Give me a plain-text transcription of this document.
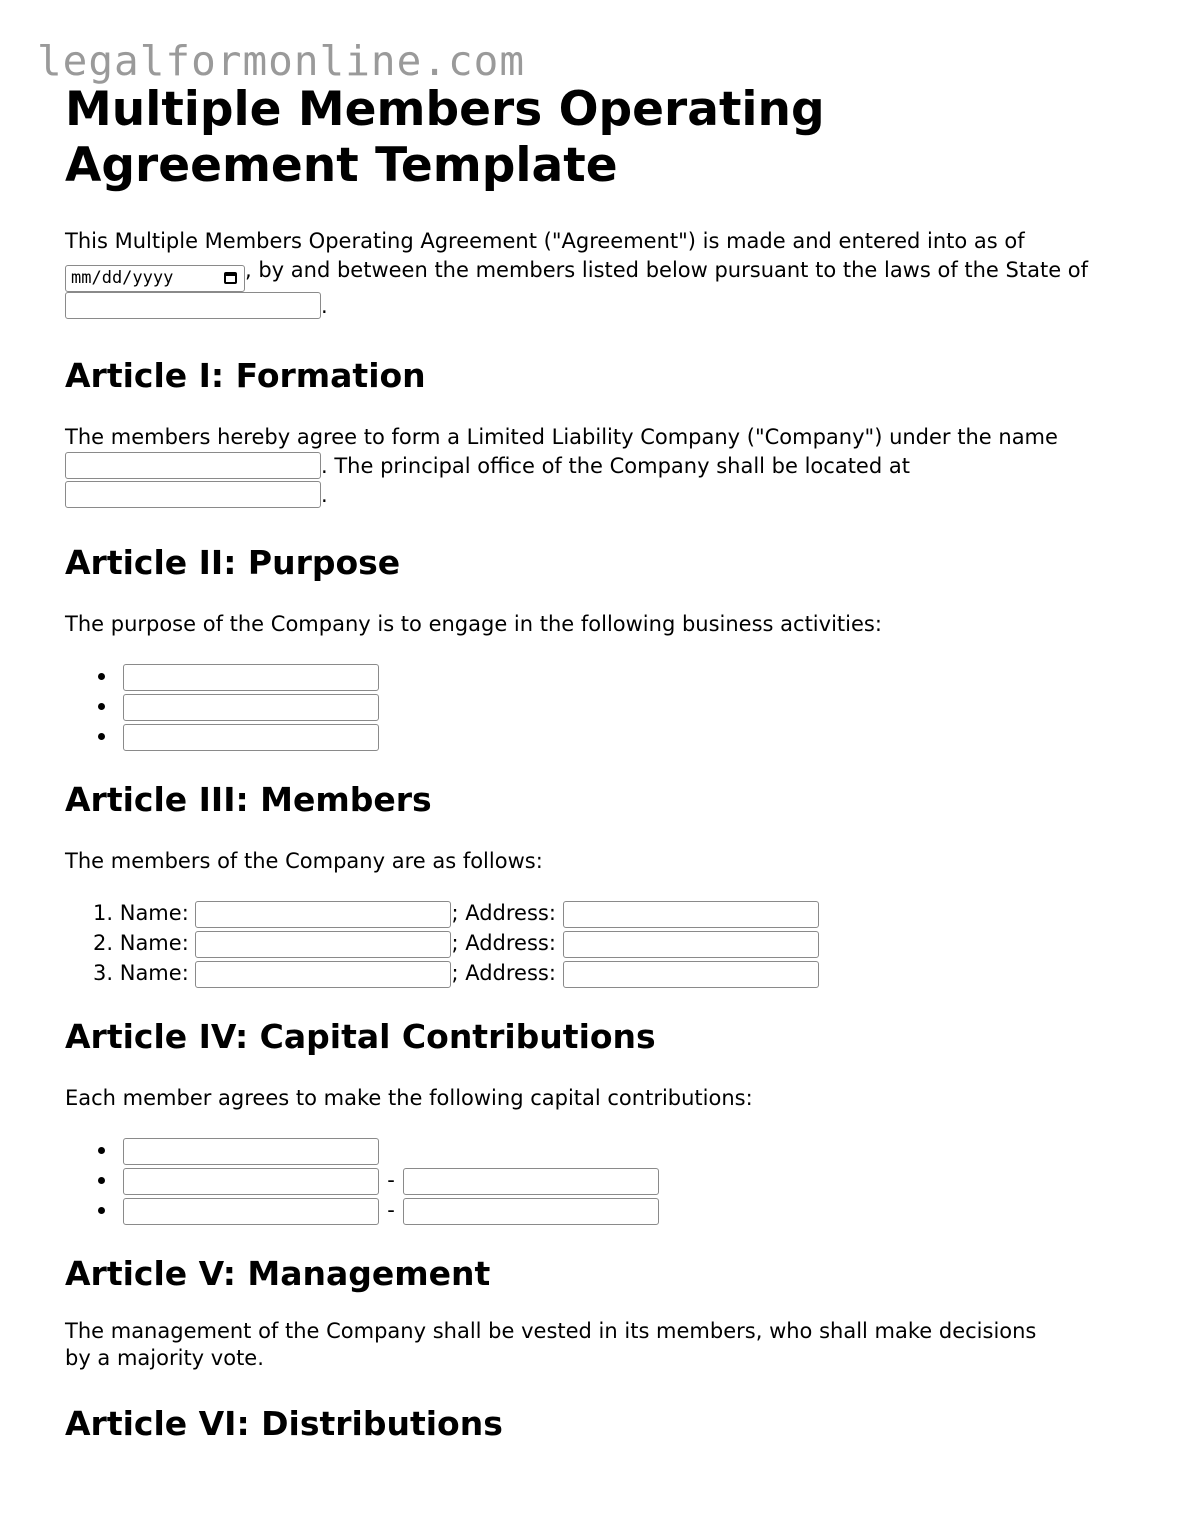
legalformonline.com
Multiple Members Operating Agreement Template

This Multiple Members Operating Agreement ("Agreement") is made and entered into as of mm/dd/yyyy	, by and between the members listed below pursuant to the laws of the State of .

Article I: Formation

The members hereby agree to form a Limited Liability Company ("Company") under the name . The principal office of the Company shall be located at .

Article II: Purpose

The purpose of the Company is to engage in the following business activities:

Article III: Members

The members of the Company are as follows:

1. Name:	; Address:
2. Name:	; Address:
3. Name:	; Address:
Article IV: Capital Contributions

Each member agrees to make the following capital contributions:

-
-
Article V: Management

The management of the Company shall be vested in its members, who shall make decisions by a majority vote.

Article VI: Distributions
